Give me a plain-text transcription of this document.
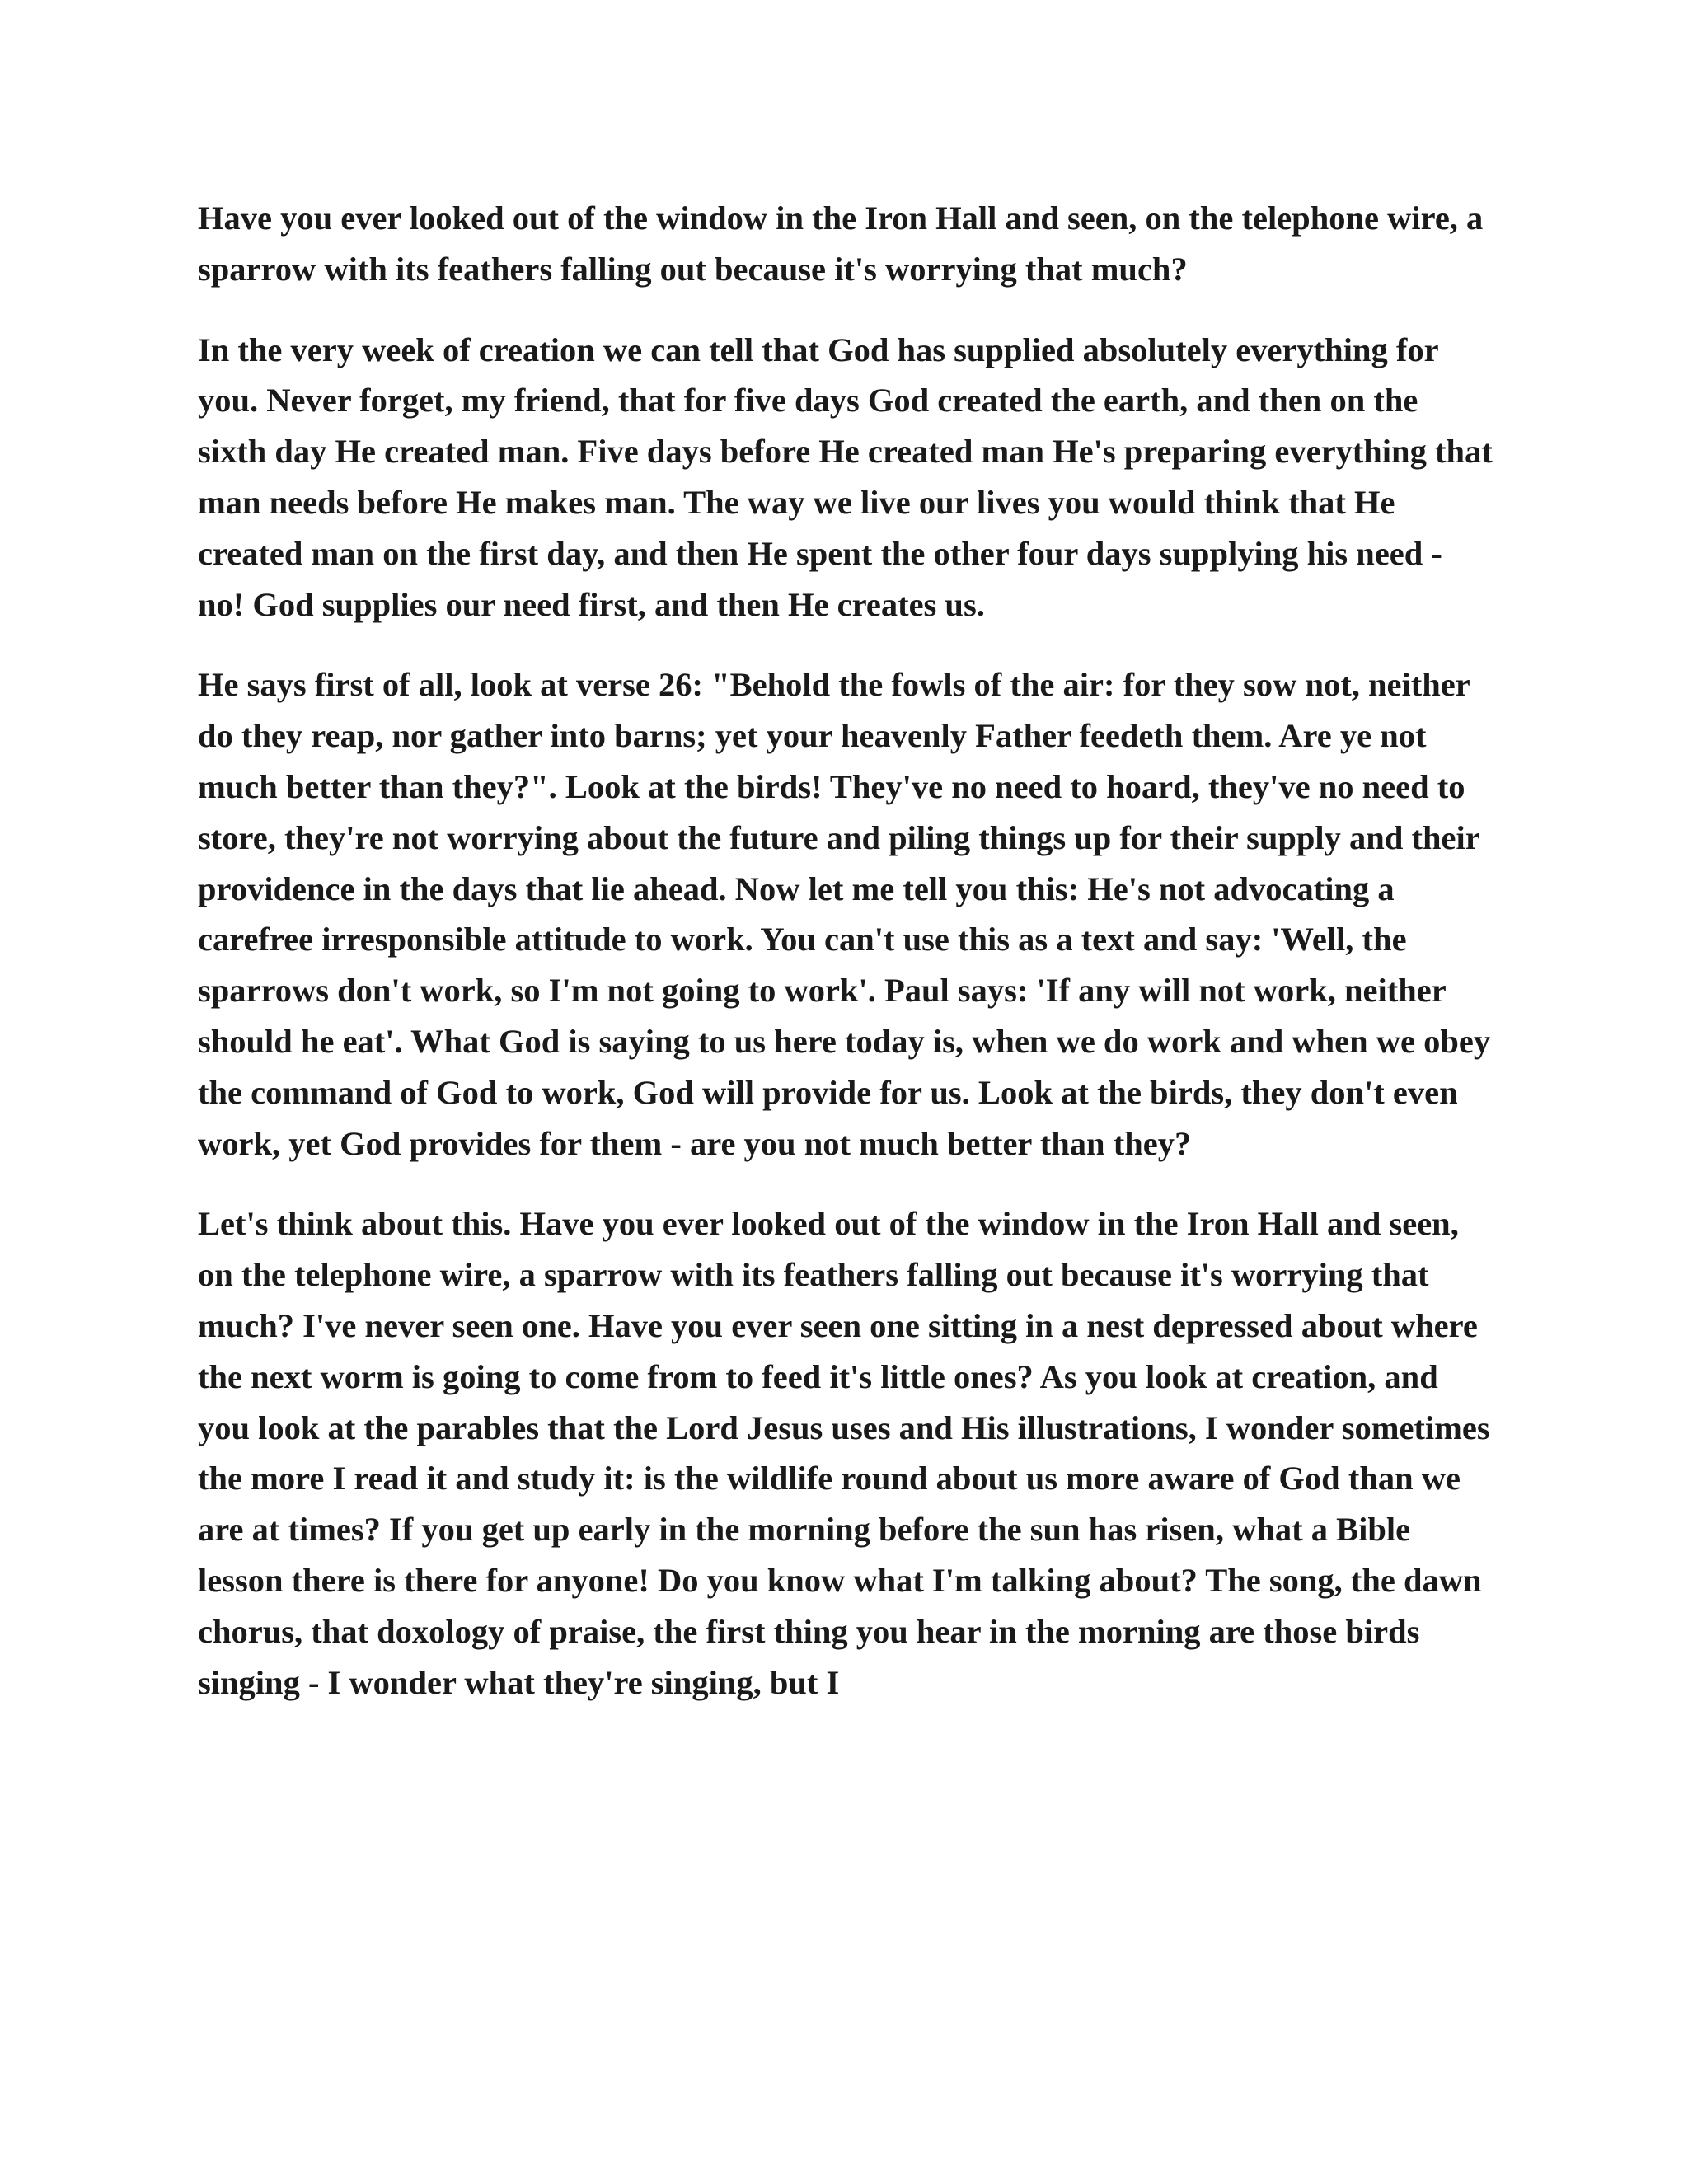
Have you ever looked out of the window in the Iron Hall and seen, on the telephone wire, a sparrow with its feathers falling out because it's worrying that much?

In the very week of creation we can tell that God has supplied absolutely everything for you. Never forget, my friend, that for five days God created the earth, and then on the sixth day He created man. Five days before He created man He's preparing everything that man needs before He makes man. The way we live our lives you would think that He created man on the first day, and then He spent the other four days supplying his need - no! God supplies our need first, and then He creates us.

He says first of all, look at verse 26: "Behold the fowls of the air: for they sow not, neither do they reap, nor gather into barns; yet your heavenly Father feedeth them. Are ye not much better than they?". Look at the birds! They've no need to hoard, they've no need to store, they're not worrying about the future and piling things up for their supply and their providence in the days that lie ahead. Now let me tell you this: He's not advocating a carefree irresponsible attitude to work. You can't use this as a text and say: 'Well, the sparrows don't work, so I'm not going to work'. Paul says: 'If any will not work, neither should he eat'. What God is saying to us here today is, when we do work and when we obey the command of God to work, God will provide for us. Look at the birds, they don't even work, yet God provides for them - are you not much better than they?

Let's think about this. Have you ever looked out of the window in the Iron Hall and seen, on the telephone wire, a sparrow with its feathers falling out because it's worrying that much? I've never seen one. Have you ever seen one sitting in a nest depressed about where the next worm is going to come from to feed it's little ones? As you look at creation, and you look at the parables that the Lord Jesus uses and His illustrations, I wonder sometimes the more I read it and study it: is the wildlife round about us more aware of God than we are at times? If you get up early in the morning before the sun has risen, what a Bible lesson there is there for anyone! Do you know what I'm talking about? The song, the dawn chorus, that doxology of praise, the first thing you hear in the morning are those birds singing - I wonder what they're singing, but I
